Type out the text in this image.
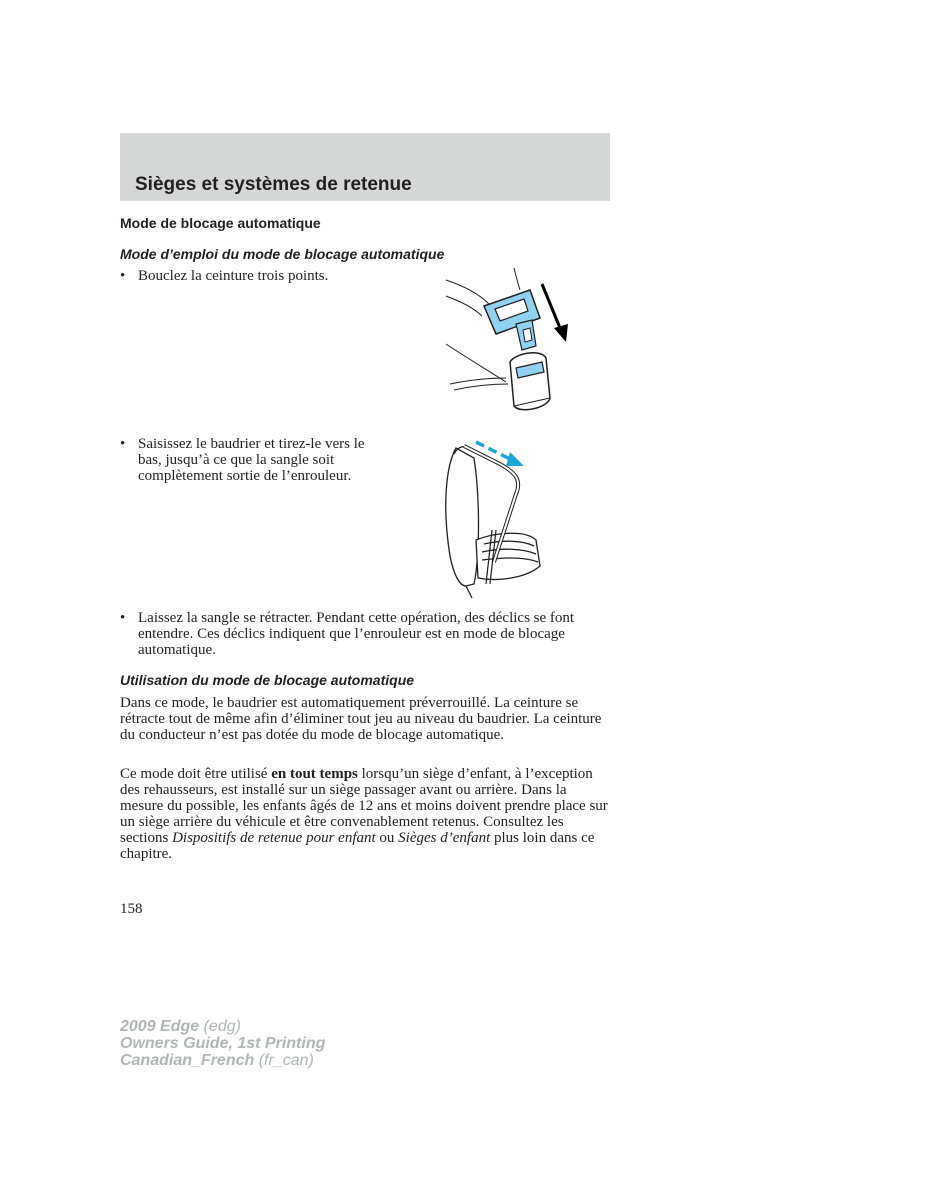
Sièges et systèmes de retenue
Mode de blocage automatique
Mode d’emploi du mode de blocage automatique
• Bouclez la ceinture trois points.
• Saisissez le baudrier et tirez-le vers le bas, jusqu’à ce que la sangle soit complètement sortie de l’enrouleur.
• Laissez la sangle se rétracter. Pendant cette opération, des déclics se font entendre. Ces déclics indiquent que l’enrouleur est en mode de blocage automatique.
Utilisation du mode de blocage automatique
Dans ce mode, le baudrier est automatiquement préverrouillé. La ceinture se rétracte tout de même afin d’éliminer tout jeu au niveau du baudrier. La ceinture du conducteur n’est pas dotée du mode de blocage automatique.
Ce mode doit être utilisé en tout temps lorsqu’un siège d’enfant, à l’exception des rehausseurs, est installé sur un siège passager avant ou arrière. Dans la mesure du possible, les enfants âgés de 12 ans et moins doivent prendre place sur un siège arrière du véhicule et être convenablement retenus. Consultez les sections Dispositifs de retenue pour enfant ou Sièges d’enfant plus loin dans ce chapitre.
158
2009 Edge (edg)
Owners Guide, 1st Printing
Canadian_French (fr_can)
